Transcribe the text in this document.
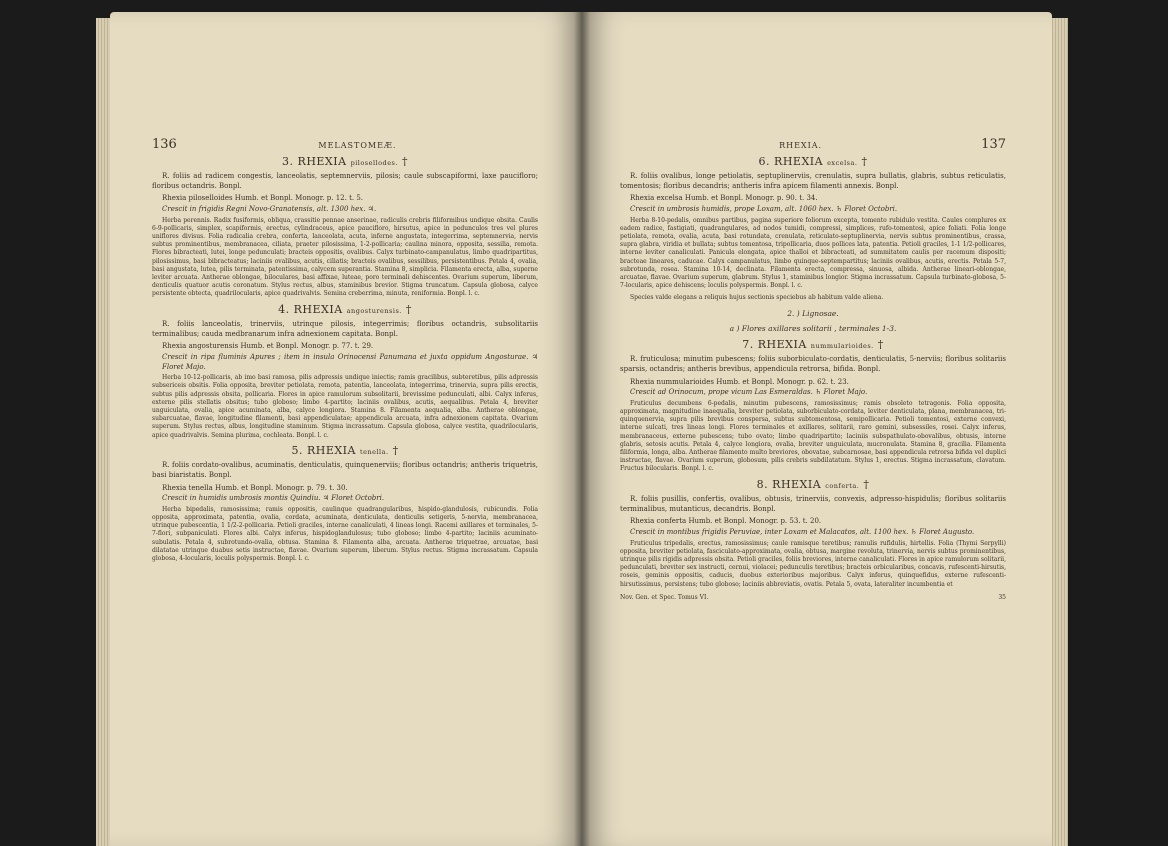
136	MELASTOMEÆ.
3. RHEXIA pilosellodes. †

R. foliis ad radicem congestis, lanceolatis, septemnerviis, pilosis; caule subscapiformi, laxe paucifloro; floribus octandris. Bonpl.

Rhexia piloselloides Humb. et Bonpl. Monogr. p. 12. t. 5.

Crescit in frigidis Regni Novo-Granatensis, alt. 1300 hex. ♃.

Herba perennis. Radix fusiformis, obliqua, crassitie pennae anserinae, radiculis crebris filiformibus undique obsita. Caulis 6-9-pollicaris, simplex, scapiformis, erectus, cylindraceus, apice paucifloro, hirsutus, apice in pedunculos tres vel plures uniflores divisus. Folia radicalia crebra, conferta, lanceolata, acuta, inferne angustata, integerrima, septemnervia, nervis subtus prominentibus, membranacea, ciliata, praeter pilosissima, 1-2-pollicaria; caulina minora, opposita, sessilia, remota. Flores bibracteati, lutei, longe pedunculati; bracteis oppositis, ovalibus. Calyx turbinato-campanulatus, limbo quadripartitus, pilosissimus, basi bibracteatus; laciniis ovalibus, acutis, ciliatis; bracteis ovalibus, sessilibus, persistentibus. Petala 4, ovalia, basi angustata, lutea, pilis terminata, patentissima, calycem superantia. Stamina 8, simplicia. Filamenta erecta, alba, superne leviter arcuata. Antherae oblongae, biloculares, basi affixae, luteae, poro terminali dehiscentes. Ovarium superum, liberum, denticulis quatuor acutis coronatum. Stylus rectus, albus, staminibus brevior. Stigma truncatum. Capsula globosa, calyce persistente obtecta, quadrilocularis, apice quadrivalvis. Semina creberrima, minuta, reniformia. Bonpl. l. c.

4. RHEXIA angosturensis. †

R. foliis lanceolatis, trinerviis, utrinque pilosis, integerrimis; floribus octandris, subsolitariis terminalibus; cauda medbranarum infra adnexionem capitata. Bonpl.

Rhexia angosturensis Humb. et Bonpl. Monogr. p. 77. t. 29.

Crescit in ripa fluminis Apures ; item in insula Orinocensi Panumana et juxta oppidum Angosturae. ♃ Floret Majo.

Herba 10-12-pollicaris, ab imo basi ramosa, pilis adpressis undique iniectis; ramis gracilibus, subteretibus, pilis adpressis subsericeis obsitis. Folia opposita, breviter petiolata, remota, patentia, lanceolata, integerrima, trinervia, supra pilis erectis, subtus pilis adpressis obsita, pollicaria. Flores in apice ramulorum subsolitarii, brevissime pedunculati, albi. Calyx inferus, externe pilis stellatis obsitus; tubo globoso; limbo 4-partito; laciniis ovalibus, acutis, aequalibus. Petala 4, breviter unguiculata, ovalia, apice acuminata, alba, calyce longiora. Stamina 8. Filamenta aequalia, alba. Antherae oblongae, subarcuatae, flavae, longitudine filamenti, basi appendiculatae; appendicula arcuata, infra adnexionem capitata. Ovarium superum. Stylus rectus, albus, longitudine staminum. Stigma incrassatum. Capsula globosa, calyce vestita, quadrilocularis, apice quadrivalvis. Semina plurima, cochleata. Bonpl. l. c.

5. RHEXIA tenella. †

R. foliis cordato-ovalibus, acuminatis, denticulatis, quinquenerviis; floribus octandris; antheris triquetris, basi biaristatis. Bonpl.

Rhexia tenella Humb. et Bonpl. Monogr. p. 79. t. 30.

Crescit in humidis umbrosis montis Quindiu. ♃ Floret Octobri.

Herba bipedalis, ramosissima; ramis oppositis, caulinque quadrangularibus, hispido-glandulosis, rubicundis. Folia opposita, approximata, patentia, ovalia, cordata, acuminata, denticulata, denticulis setigeris, 5-nervia, membranacea, utrinque pubescentia, 1 1/2-2-pollicaria. Petioli graciles, interne canaliculati, 4 lineas longi. Racemi axillares et terminales, 5-7-flori, subpaniculati. Flores albi. Calyx inferus, hispidoglandulosus; tubo globoso; limbo 4-partito; laciniis acuminato-subulatis. Petala 4, subrotundo-ovalia, obtusa. Stamina 8. Filamenta alba, arcuata. Antherae triquetrae, arcuatae, basi dilatatae utrinque duabus setis instructae, flavae. Ovarium superum, liberum. Stylus rectus. Stigma incrassatum. Capsula globosa, 4-locularis, loculis polyspermis. Bonpl. l. c.

RHEXIA.	137
6. RHEXIA excelsa. †

R. foliis ovalibus, longe petiolatis, septuplinerviis, crenulatis, supra bullatis, glabris, subtus reticulatis, tomentosis; floribus decandris; antheris infra apicem filamenti annexis. Bonpl.

Rhexia excelsa Humb. et Bonpl. Monogr. p. 90. t. 34.

Crescit in umbrosis humidis, prope Loxam, alt. 1060 hex. ♄ Floret Octobri.

Herba 8-10-pedalis, omnibus partibus, pagina superiore foliorum excepta, tomento rubidulo vestita. Caules complures ex eadem radice, fastigiati, quadrangulares, ad nodos tumidi, compressi, simplices, rufo-tomentosi, apice foliati. Folia longe petiolata, remota, ovalia, acuta, basi rotundata, crenulata, reticulato-septuplinervia, nervis subtus prominentibus, crassa, supra glabra, viridia et bullata; subtus tomentosa, tripollicaria, duos pollices lata, patentia. Petioli graciles, 1-1 1/2-pollicares, interne leviter canaliculati. Panicula elongata, apice thalloi et bibracteati, ad summitatem caulis per racemum dispositi; bracteae lineares, caducae. Calyx campanulatus, limbo quinque-septempartitus; laciniis ovalibus, acutis, erectis. Petala 5-7, subrotunda, rosea. Stamina 10-14, declinata. Filamenta erecta, compressa, sinuosa, albida. Antherae lineari-oblongae, arcuatae, flavae. Ovarium superum, glabrum. Stylus 1, staminibus longior. Stigma incrassatum. Capsula turbinato-globosa, 5-7-locularis, apice dehiscens; loculis polyspermis. Bonpl. l. c.

Species valde elegans a reliquis hujus sectionis speciebus ab habitum valde aliena.

2. ) Lignosae.
a ) Flores axillares solitarii , terminales 1-3.
7. RHEXIA nummularioides. †

R. fruticulosa; minutim pubescens; foliis suborbiculato-cordatis, denticulatis, 5-nerviis; floribus solitariis sparsis, octandris; antheris brevibus, appendicula retrorsa, bifida. Bonpl.

Rhexia nummularioides Humb. et Bonpl. Monogr. p. 62. t. 23.

Crescit ad Orinocum, prope vicum Las Esmeraldas. ♄ Floret Majo.

Fruticulus decumbens 6-pedalis, minutim pubescens, ramosissimus; ramis obsoleto tetragonis. Folia opposita, approximata, magnitudine inaequalia, breviter petiolata, suborbiculato-cordata, leviter denticulata, plana, membranacea, tri-quinquenervia, supra pilis brevibus conspersa, subtus subtomentosa, semipollicaria. Petioli tomentosi, externe convexi, interne sulcati, tres lineas longi. Flores terminales et axillares, solitarii, raro gemini, subsessiles, rosei. Calyx inferus, membranaceus, externe pubescens; tubo ovato; limbo quadripartito; laciniis subspathulato-obovalibus, obtusis, interne glabris, setosis acutis. Petala 4, calyce longiora, ovalia, breviter unguiculata, mucronulata. Stamina 8, gracilia. Filamenta filiformia, longa, alba. Antherae filamento multo breviores, obovatae, subcarnosae, basi appendicula retrorsa bifida vel duplici instructae, flavae. Ovarium superum, globosum, pilis crebris subdilatatum. Stylus 1, erectus. Stigma incrassatum, clavatum. Fructus bilocularis. Bonpl. l. c.

8. RHEXIA conferta. †

R. foliis pusillis, confertis, ovalibus, obtusis, trinerviis, convexis, adpresso-hispidulis; floribus solitariis terminalibus, mutanticus, decandris. Bonpl.

Rhexia conferta Humb. et Bonpl. Monogr. p. 53. t. 20.

Crescit in montibus frigidis Peruviae, inter Loxam et Malacatos, alt. 1100 hex. ♄ Floret Augusto.

Fruticulus tripedalis, erectus, ramosissimus; caule ramisque teretibus; ramulis rufidulis, hirtellis. Folia (Thymi Serpylli) opposita, breviter petiolata, fasciculato-approximata, ovalia, obtusa, margine revoluta, trinervia, nervis subtus prominentibus, utrinque pilis rigidis adpressis obsita. Petioli graciles, foliis breviores, interne canaliculati. Flores in apice ramulorum solitarii, pedunculati, breviter sex instructi, cernui, violacei; pedunculis teretibus; bracteis orbicularibus, concavis, rufescenti-hirsutis, roseis, geminis oppositis, caducis, duobus exterioribus majoribus. Calyx inferus, quinquefidus, externe rufescenti-hirsutissimus, persistens; tubo globoso; laciniis abbreviatis, ovatis. Petala 5, ovata, lateraliter incumbentia et

Nov. Gen. et Spec. Tomus VI.	35
